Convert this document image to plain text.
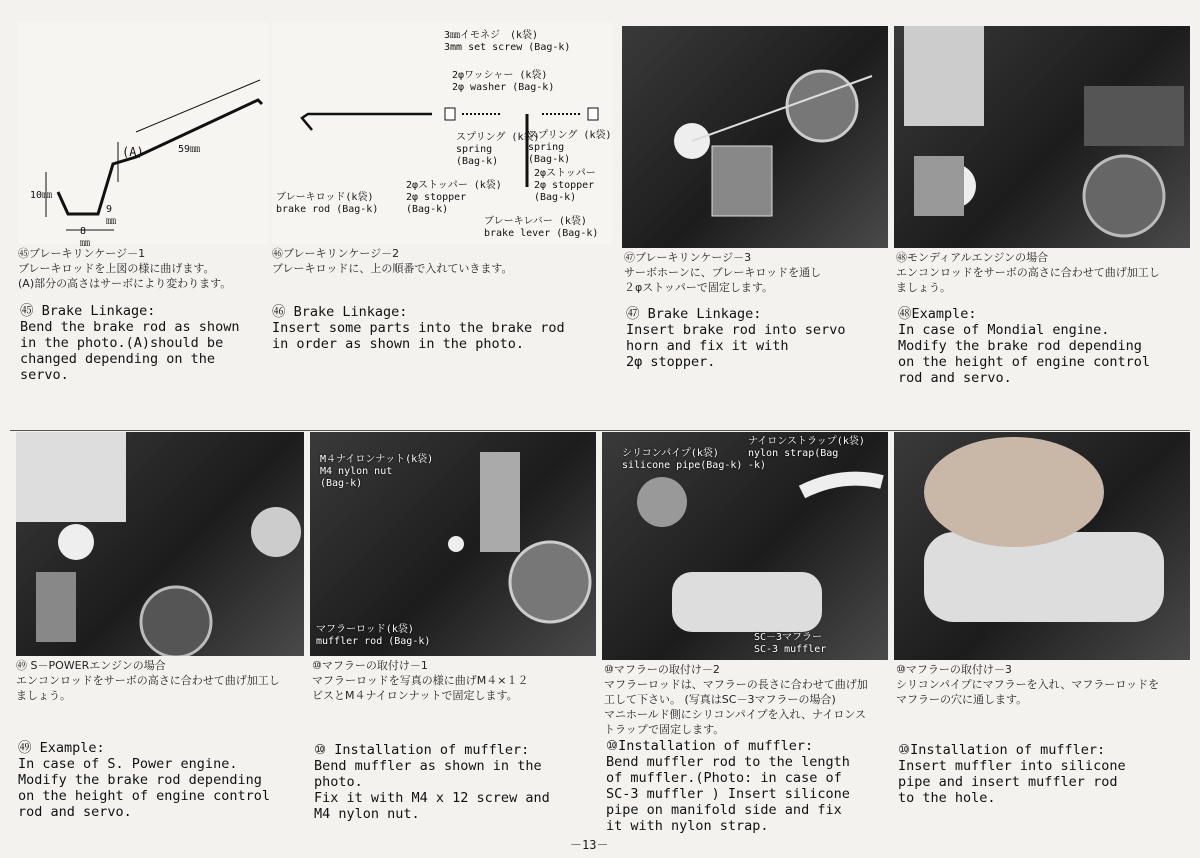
(A)	59㎜
10㎜
8
㎜
9
㎜
㊺ブレーキリンケージ－1
ブレーキロッドを上図の様に曲げます。
(A)部分の高さはサーボにより変わります。
㊺ Brake Linkage:
Bend the brake rod as shown
in the photo.(A)should be
changed depending on the
servo.
3㎜イモネジ　(k袋)
3mm set screw (Bag-k)
2φワッシャー (k袋)
2φ washer (Bag-k)
スプリング (k袋)
spring
(Bag-k)
スプリング (k袋)
spring
(Bag-k)
2φストッパー (k袋)
2φ stopper
(Bag-k)
2φストッパー
2φ stopper
(Bag-k)
ブレーキロッド(k袋)
brake rod (Bag-k)
ブレーキレバー (k袋)
brake lever (Bag-k)
㊻ブレーキリンケージ－2
ブレーキロッドに、上の順番で入れていきます。
㊻ Brake Linkage:
Insert some parts into the brake rod
in order as shown in the photo.
㊼ブレーキリンケージ－3
サーボホーンに、ブレーキロッドを通し
２φストッパーで固定します。
㊼ Brake Linkage:
Insert brake rod into servo
horn and fix it with
2φ stopper.
㊽モンディアルエンジンの場合
エンコンロッドをサーボの高さに合わせて曲げ加工し
ましょう。
㊽Example:
In case of Mondial engine.
Modify the brake rod depending
on the height of engine control
rod and servo.
㊾ S－POWERエンジンの場合
エンコンロッドをサーボの高さに合わせて曲げ加工し
ましょう。
㊾ Example:
In case of S. Power engine.
Modify the brake rod depending
on the height of engine control
rod and servo.
M４ナイロンナット(k袋)
M4 nylon nut
(Bag-k)
マフラーロッド(k袋)
muffler rod (Bag-k)
⑩マフラーの取付け－1
マフラーロッドを写真の様に曲げM４×１２
ビスとM４ナイロンナットで固定します。
⑩ Installation of muffler:
Bend muffler as shown in the
photo.
Fix it with M4 x 12 screw and
M4 nylon nut.
シリコンパイプ(k袋)
silicone pipe(Bag-k)
ナイロンストラップ(k袋)
nylon strap(Bag
-k)
SC－3マフラー
SC-3 muffler
⑩マフラーの取付け－2
マフラーロッドは、マフラーの長さに合わせて曲げ加
工して下さい。 (写真はSC－3マフラーの場合)
マニホールド側にシリコンパイプを入れ、ナイロンス
トラップで固定します。
⑩Installation of muffler:
Bend muffler rod to the length
of muffler.(Photo: in case of
SC-3 muffler ) Insert silicone
pipe on manifold side and fix
it with nylon strap.
⑩マフラーの取付け－3
シリコンパイプにマフラーを入れ、マフラーロッドを
マフラーの穴に通します。
⑩Installation of muffler:
Insert muffler into silicone
pipe and insert muffler rod
to the hole.
－13－
